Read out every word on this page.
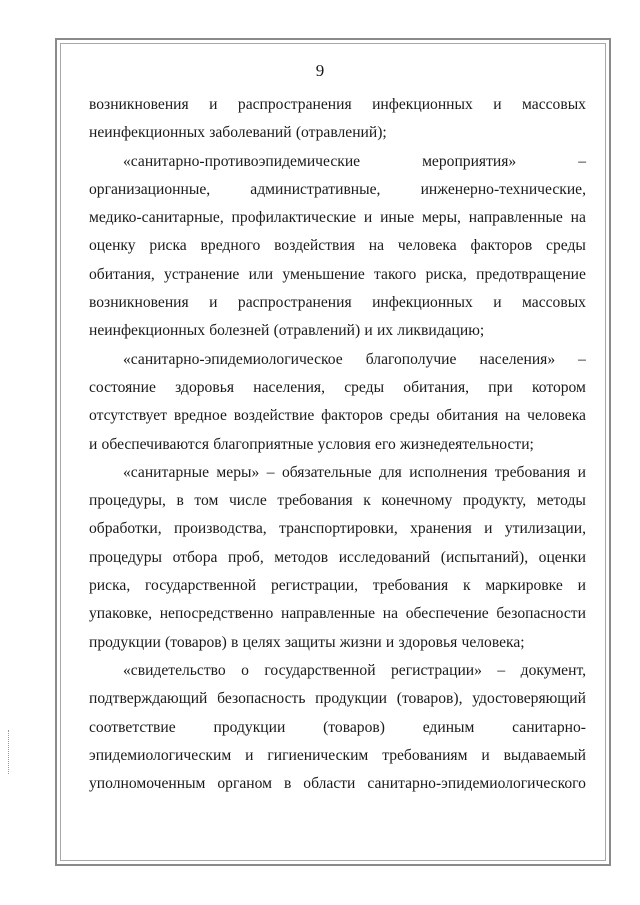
9
возникновения и распространения инфекционных и массовых
неинфекционных заболеваний (отравлений);
«санитарно-противоэпидемические	мероприятия»	–
организационные,	административные,	инженерно-технические,
медико-санитарные, профилактические и иные меры, направленные на
оценку риска вредного воздействия на человека факторов среды
обитания, устранение или уменьшение такого риска, предотвращение
возникновения и распространения инфекционных и массовых
неинфекционных болезней (отравлений) и их ликвидацию;
«санитарно-эпидемиологическое благополучие населения» –
состояние здоровья населения, среды обитания, при котором
отсутствует вредное воздействие факторов среды обитания на человека
и обеспечиваются благоприятные условия его жизнедеятельности;
«санитарные меры» – обязательные для исполнения требования и
процедуры, в том числе требования к конечному продукту, методы
обработки, производства, транспортировки, хранения и утилизации,
процедуры отбора проб, методов исследований (испытаний), оценки
риска, государственной регистрации, требования к маркировке и
упаковке, непосредственно направленные на обеспечение безопасности
продукции (товаров) в целях защиты жизни и здоровья человека;
«свидетельство о государственной регистрации» – документ,
подтверждающий безопасность продукции (товаров), удостоверяющий
соответствие продукции (товаров) единым санитарно-
эпидемиологическим и гигиеническим требованиям и выдаваемый
уполномоченным органом в области санитарно-эпидемиологического
